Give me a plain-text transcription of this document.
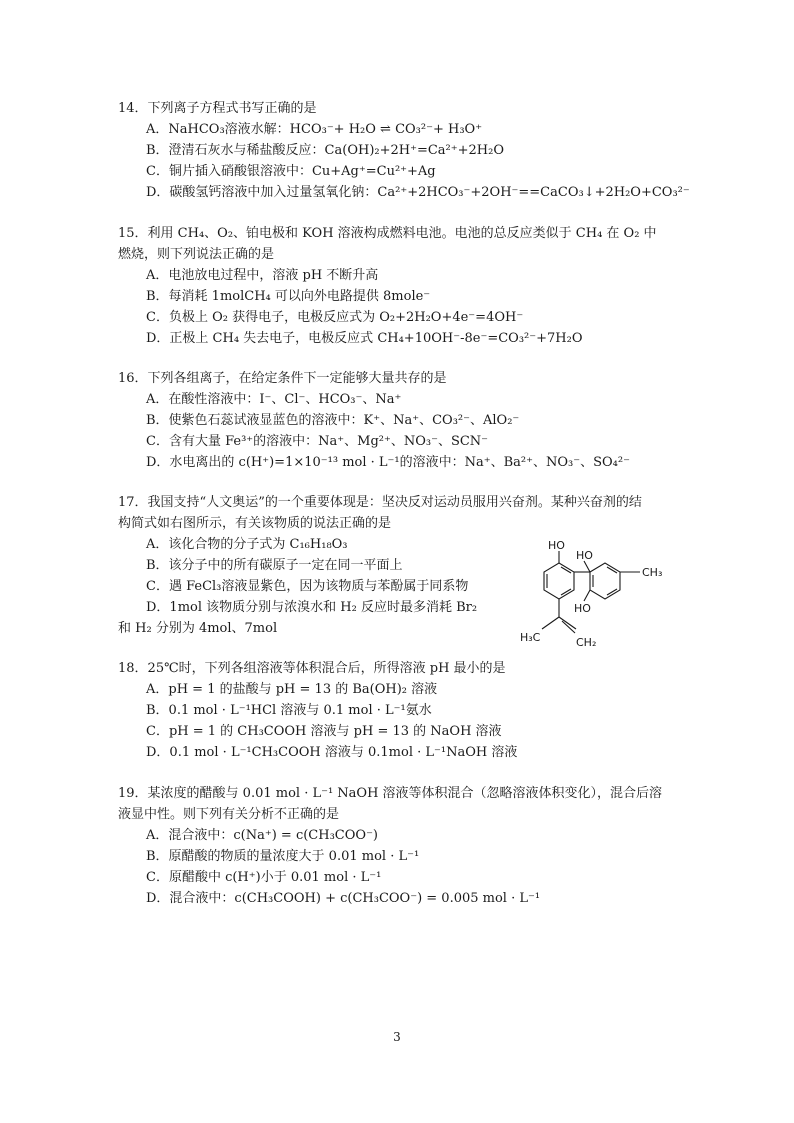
14．下列离子方程式书写正确的是
A．NaHCO₃溶液水解：HCO₃⁻+ H₂O ⇌ CO₃²⁻+ H₃O⁺
B．澄清石灰水与稀盐酸反应：Ca(OH)₂+2H⁺=Ca²⁺+2H₂O
C．铜片插入硝酸银溶液中：Cu+Ag⁺=Cu²⁺+Ag
D．碳酸氢钙溶液中加入过量氢氧化钠：Ca²⁺+2HCO₃⁻+2OH⁻==CaCO₃↓+2H₂O+CO₃²⁻
15．利用 CH₄、O₂、铂电极和 KOH 溶液构成燃料电池。电池的总反应类似于 CH₄ 在 O₂ 中
燃烧，则下列说法正确的是
A．电池放电过程中，溶液 pH 不断升高
B．每消耗 1molCH₄ 可以向外电路提供 8mole⁻
C．负极上 O₂ 获得电子，电极反应式为 O₂+2H₂O+4e⁻=4OH⁻
D．正极上 CH₄ 失去电子，电极反应式 CH₄+10OH⁻-8e⁻=CO₃²⁻+7H₂O
16．下列各组离子，在给定条件下一定能够大量共存的是
A．在酸性溶液中：I⁻、Cl⁻、HCO₃⁻、Na⁺
B．使紫色石蕊试液显蓝色的溶液中：K⁺、Na⁺、CO₃²⁻、AlO₂⁻
C．含有大量 Fe³⁺的溶液中：Na⁺、Mg²⁺、NO₃⁻、SCN⁻
D．水电离出的 c(H⁺)=1×10⁻¹³ mol · L⁻¹的溶液中：Na⁺、Ba²⁺、NO₃⁻、SO₄²⁻
17．我国支持“人文奥运”的一个重要体现是：坚决反对运动员服用兴奋剂。某种兴奋剂的结
构简式如右图所示，有关该物质的说法正确的是
A．该化合物的分子式为 C₁₆H₁₈O₃
B．该分子中的所有碳原子一定在同一平面上
C．遇 FeCl₃溶液显紫色，因为该物质与苯酚属于同系物
D．1mol 该物质分别与浓溴水和 H₂ 反应时最多消耗 Br₂
和 H₂ 分别为 4mol、7mol
HO
HO
HO
CH₃
H₃C	CH₂
18．25℃时，下列各组溶液等体积混合后，所得溶液 pH 最小的是
A．pH = 1 的盐酸与 pH = 13 的 Ba(OH)₂ 溶液
B．0.1 mol · L⁻¹HCl 溶液与 0.1 mol · L⁻¹氨水
C．pH = 1 的 CH₃COOH 溶液与 pH = 13 的 NaOH 溶液
D．0.1 mol · L⁻¹CH₃COOH 溶液与 0.1mol · L⁻¹NaOH 溶液
19．某浓度的醋酸与 0.01 mol · L⁻¹ NaOH 溶液等体积混合（忽略溶液体积变化），混合后溶
液显中性。则下列有关分析不正确的是
A．混合液中：c(Na⁺) = c(CH₃COO⁻)
B．原醋酸的物质的量浓度大于 0.01 mol · L⁻¹
C．原醋酸中 c(H⁺)小于 0.01 mol · L⁻¹
D．混合液中：c(CH₃COOH) + c(CH₃COO⁻) = 0.005 mol · L⁻¹
3
